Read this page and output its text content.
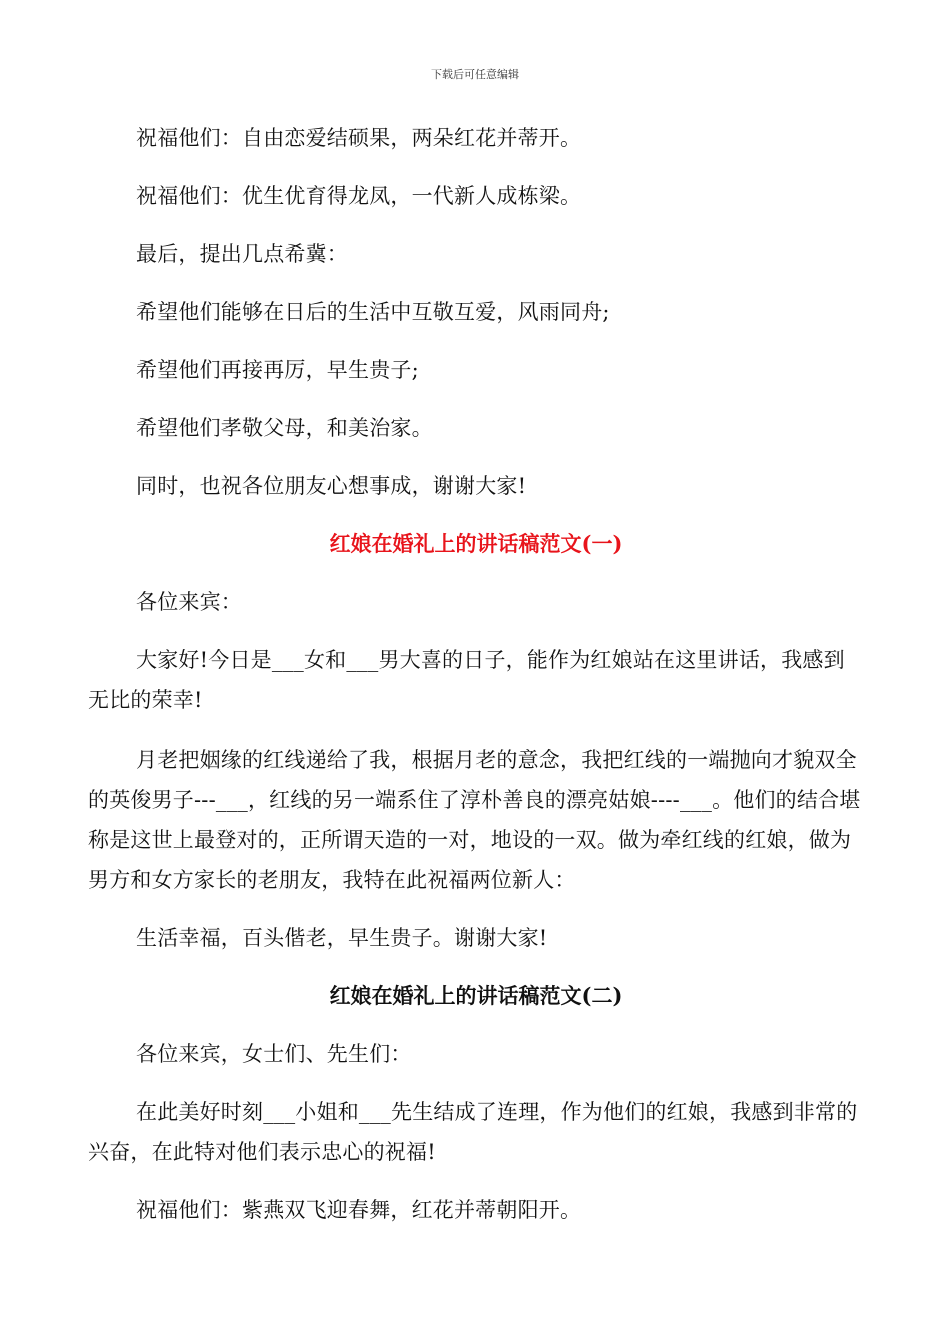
下载后可任意编辑

祝福他们：自由恋爱结硕果，两朵红花并蒂开。

祝福他们：优生优育得龙凤，一代新人成栋梁。

最后，提出几点希冀：

希望他们能够在日后的生活中互敬互爱，风雨同舟;

希望他们再接再厉，早生贵子;

希望他们孝敬父母，和美治家。

同时，也祝各位朋友心想事成，谢谢大家!

红娘在婚礼上的讲话稿范文(一)

各位来宾：

大家好!今日是___女和___男大喜的日子，能作为红娘站在这里讲话，我感到无比的荣幸!

月老把姻缘的红线递给了我，根据月老的意念，我把红线的一端抛向才貌双全的英俊男子---___，红线的另一端系住了淳朴善良的漂亮姑娘----___。他们的结合堪称是这世上最登对的，正所谓天造的一对，地设的一双。做为牵红线的红娘，做为男方和女方家长的老朋友，我特在此祝福两位新人：

生活幸福，百头偕老，早生贵子。谢谢大家!

红娘在婚礼上的讲话稿范文(二)

各位来宾，女士们、先生们：

在此美好时刻___小姐和___先生结成了连理，作为他们的红娘，我感到非常的兴奋，在此特对他们表示忠心的祝福!

祝福他们：紫燕双飞迎春舞，红花并蒂朝阳开。
